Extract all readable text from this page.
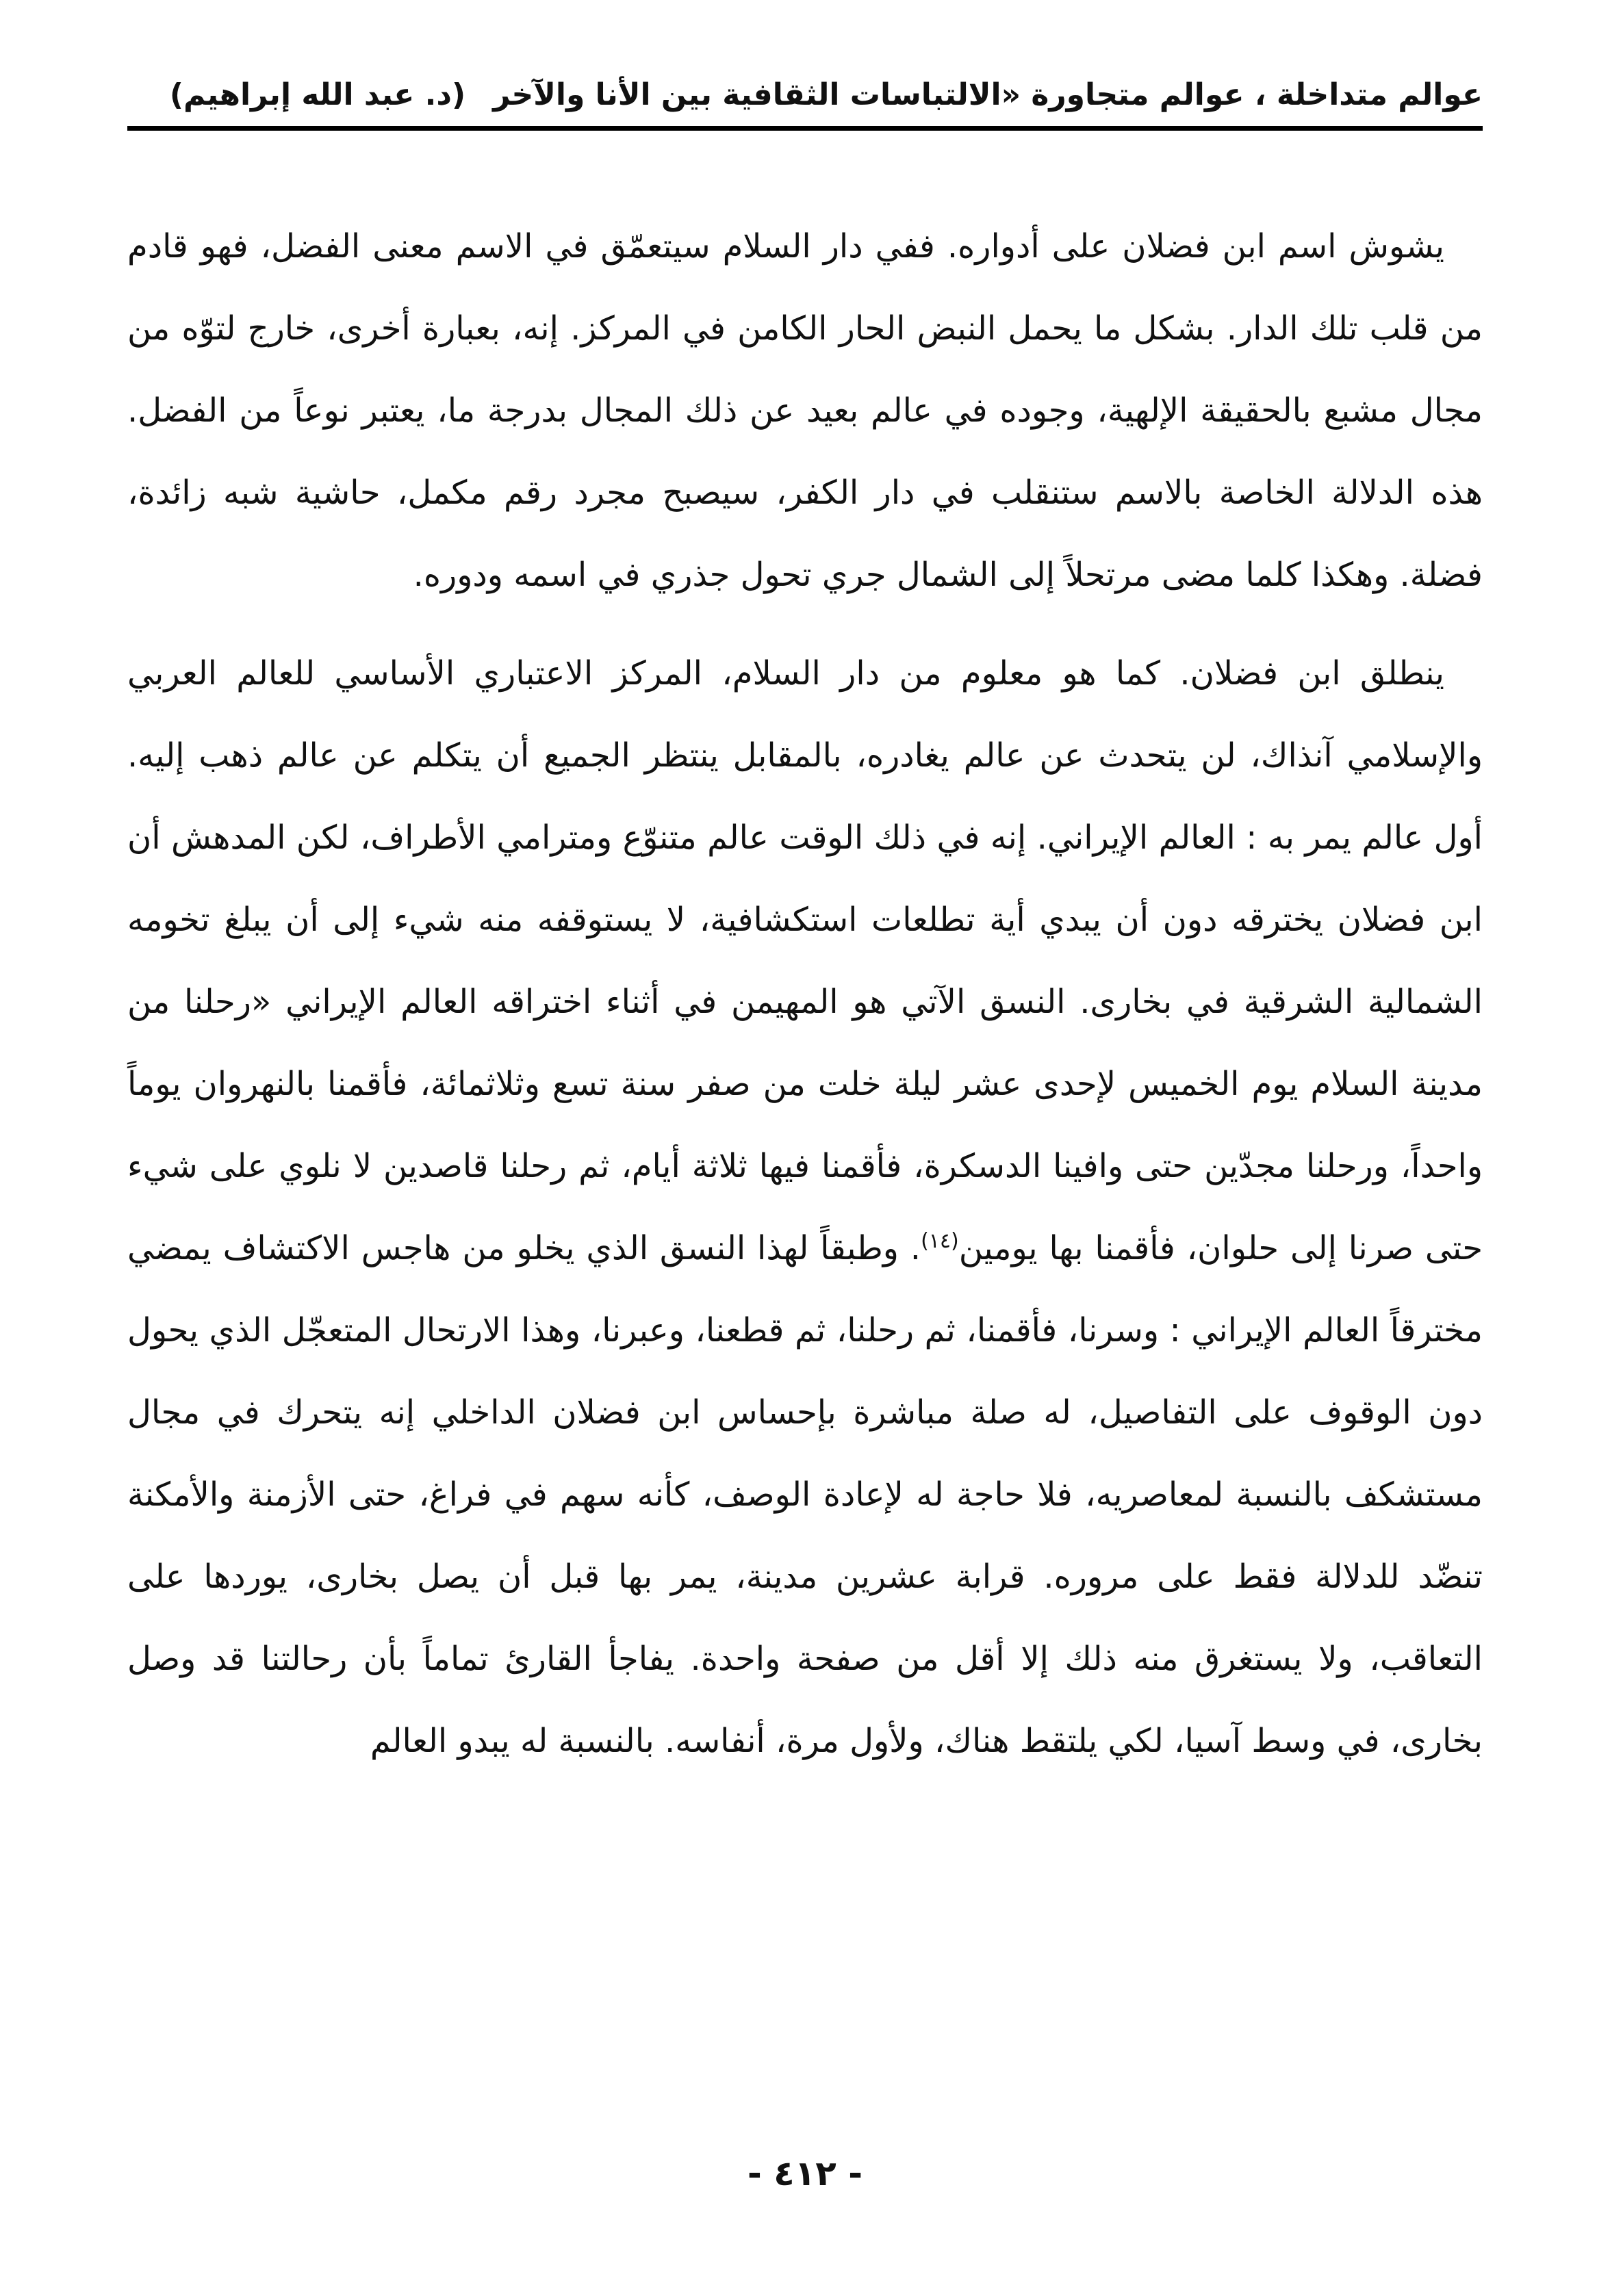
عوالم متداخلة ، عوالم متجاورة «الالتباسات الثقافية بين الأنا والآخر
(د. عبد الله إبراهيم)

يشوش اسم ابن فضلان على أدواره. ففي دار السلام سيتعمّق في الاسم معنى الفضل، فهو قادم من قلب تلك الدار. بشكل ما يحمل النبض الحار الكامن في المركز. إنه، بعبارة أخرى، خارج لتوّه من مجال مشبع بالحقيقة الإلهية، وجوده في عالم بعيد عن ذلك المجال بدرجة ما، يعتبر نوعاً من الفضل. هذه الدلالة الخاصة بالاسم ستنقلب في دار الكفر، سيصبح مجرد رقم مكمل، حاشية شبه زائدة، فضلة. وهكذا كلما مضى مرتحلاً إلى الشمال جري تحول جذري في اسمه ودوره.

ينطلق ابن فضلان. كما هو معلوم من دار السلام، المركز الاعتباري الأساسي للعالم العربي والإسلامي آنذاك، لن يتحدث عن عالم يغادره، بالمقابل ينتظر الجميع أن يتكلم عن عالم ذهب إليه. أول عالم يمر به : العالم الإيراني. إنه في ذلك الوقت عالم متنوّع ومترامي الأطراف، لكن المدهش أن ابن فضلان يخترقه دون أن يبدي أية تطلعات استكشافية، لا يستوقفه منه شيء إلى أن يبلغ تخومه الشمالية الشرقية في بخارى. النسق الآتي هو المهيمن في أثناء اختراقه العالم الإيراني «رحلنا من مدينة السلام يوم الخميس لإحدى عشر ليلة خلت من صفر سنة تسع وثلاثمائة، فأقمنا بالنهروان يوماً واحداً، ورحلنا مجدّين حتى وافينا الدسكرة، فأقمنا فيها ثلاثة أيام، ثم رحلنا قاصدين لا نلوي على شيء حتى صرنا إلى حلوان، فأقمنا بها يومين$^{(١٤)}$. وطبقاً لهذا النسق الذي يخلو من هاجس الاكتشاف يمضي مخترقاً العالم الإيراني : وسرنا، فأقمنا، ثم رحلنا، ثم قطعنا، وعبرنا، وهذا الارتحال المتعجّل الذي يحول دون الوقوف على التفاصيل، له صلة مباشرة بإحساس ابن فضلان الداخلي إنه يتحرك في مجال مستشكف بالنسبة لمعاصريه، فلا حاجة له لإعادة الوصف، كأنه سهم في فراغ، حتى الأزمنة والأمكنة تنضّد للدلالة فقط على مروره. قرابة عشرين مدينة، يمر بها قبل أن يصل بخارى، يوردها على التعاقب، ولا يستغرق منه ذلك إلا أقل من صفحة واحدة. يفاجأ القارئ تماماً بأن رحالتنا قد وصل بخارى، في وسط آسيا، لكي يلتقط هناك، ولأول مرة، أنفاسه. بالنسبة له يبدو العالم

- ٤١٢ -
